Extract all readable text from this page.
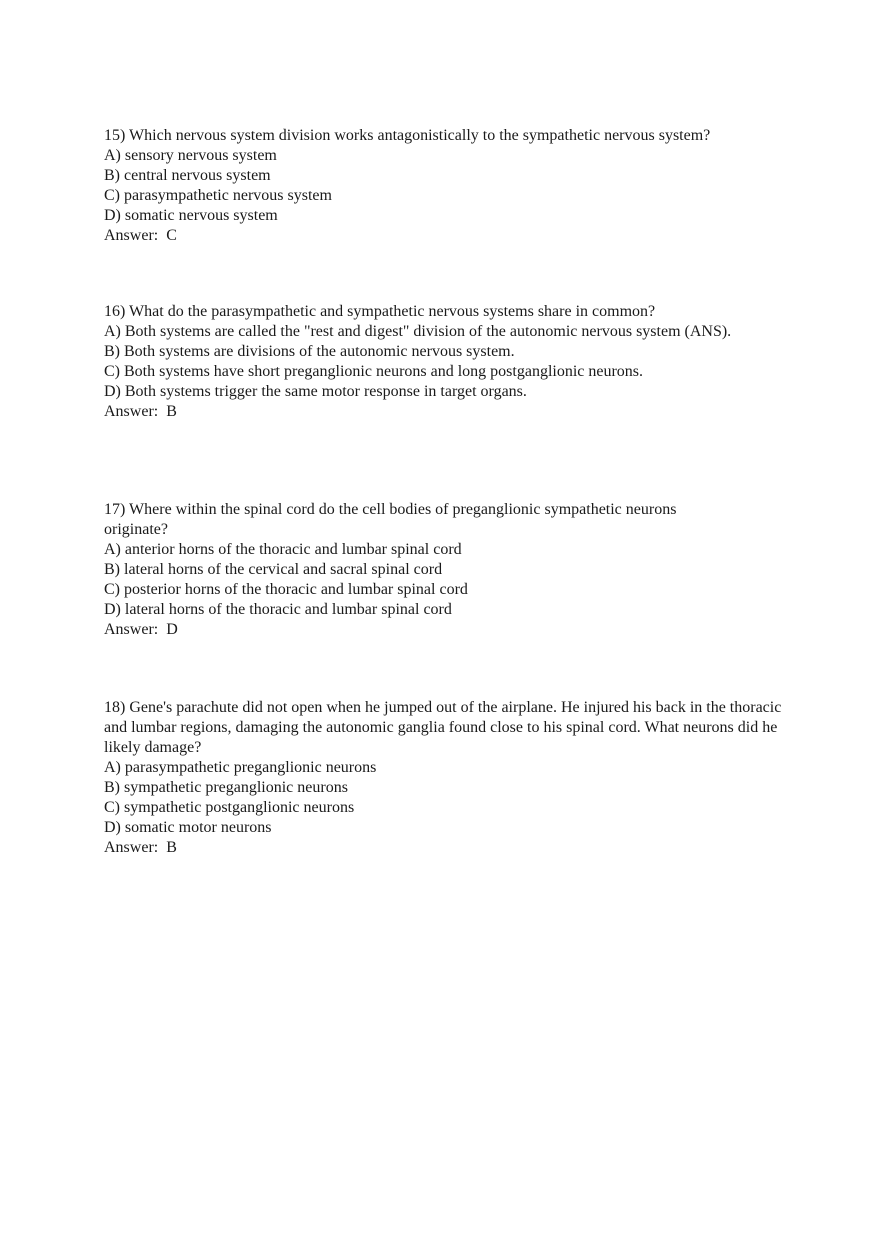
15) Which nervous system division works antagonistically to the sympathetic nervous system?
A) sensory nervous system
B) central nervous system
C) parasympathetic nervous system
D) somatic nervous system
Answer:  C
16) What do the parasympathetic and sympathetic nervous systems share in common?
A) Both systems are called the "rest and digest" division of the autonomic nervous system (ANS).
B) Both systems are divisions of the autonomic nervous system.
C) Both systems have short preganglionic neurons and long postganglionic neurons.
D) Both systems trigger the same motor response in target organs.
Answer:  B
17) Where within the spinal cord do the cell bodies of preganglionic sympathetic neurons originate?
A) anterior horns of the thoracic and lumbar spinal cord
B) lateral horns of the cervical and sacral spinal cord
C) posterior horns of the thoracic and lumbar spinal cord
D) lateral horns of the thoracic and lumbar spinal cord
Answer:  D
18) Gene's parachute did not open when he jumped out of the airplane. He injured his back in the thoracic and lumbar regions, damaging the autonomic ganglia found close to his spinal cord. What neurons did he likely damage?
A) parasympathetic preganglionic neurons
B) sympathetic preganglionic neurons
C) sympathetic postganglionic neurons
D) somatic motor neurons
Answer:  B
